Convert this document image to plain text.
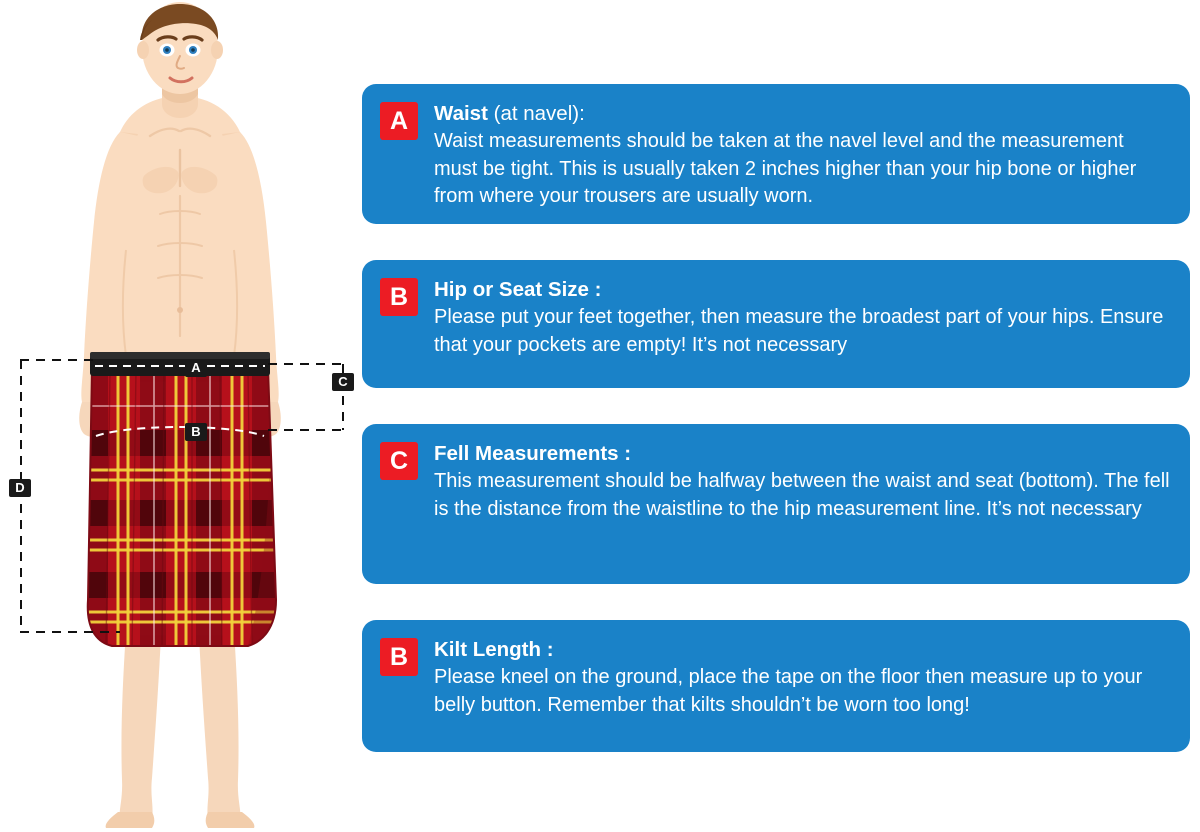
A
B
C
D
A	Waist (at navel):

Waist measurements should be taken at the navel level and the measurement must be tight. This is usually taken 2 inches higher than your hip bone or higher from where your trousers are usually worn.

B	Hip or Seat Size :

Please put your feet together, then measure the broadest part of your hips. Ensure that your pockets are empty! It’s not necessary

C	Fell Measurements :

This measurement should be halfway between the waist and seat (bottom). The fell is the distance from the waistline to the hip measurement line. It’s not necessary

B	Kilt Length :

Please kneel on the ground, place the tape on the floor then measure up to your belly button. Remember that kilts shouldn’t be worn too long!
